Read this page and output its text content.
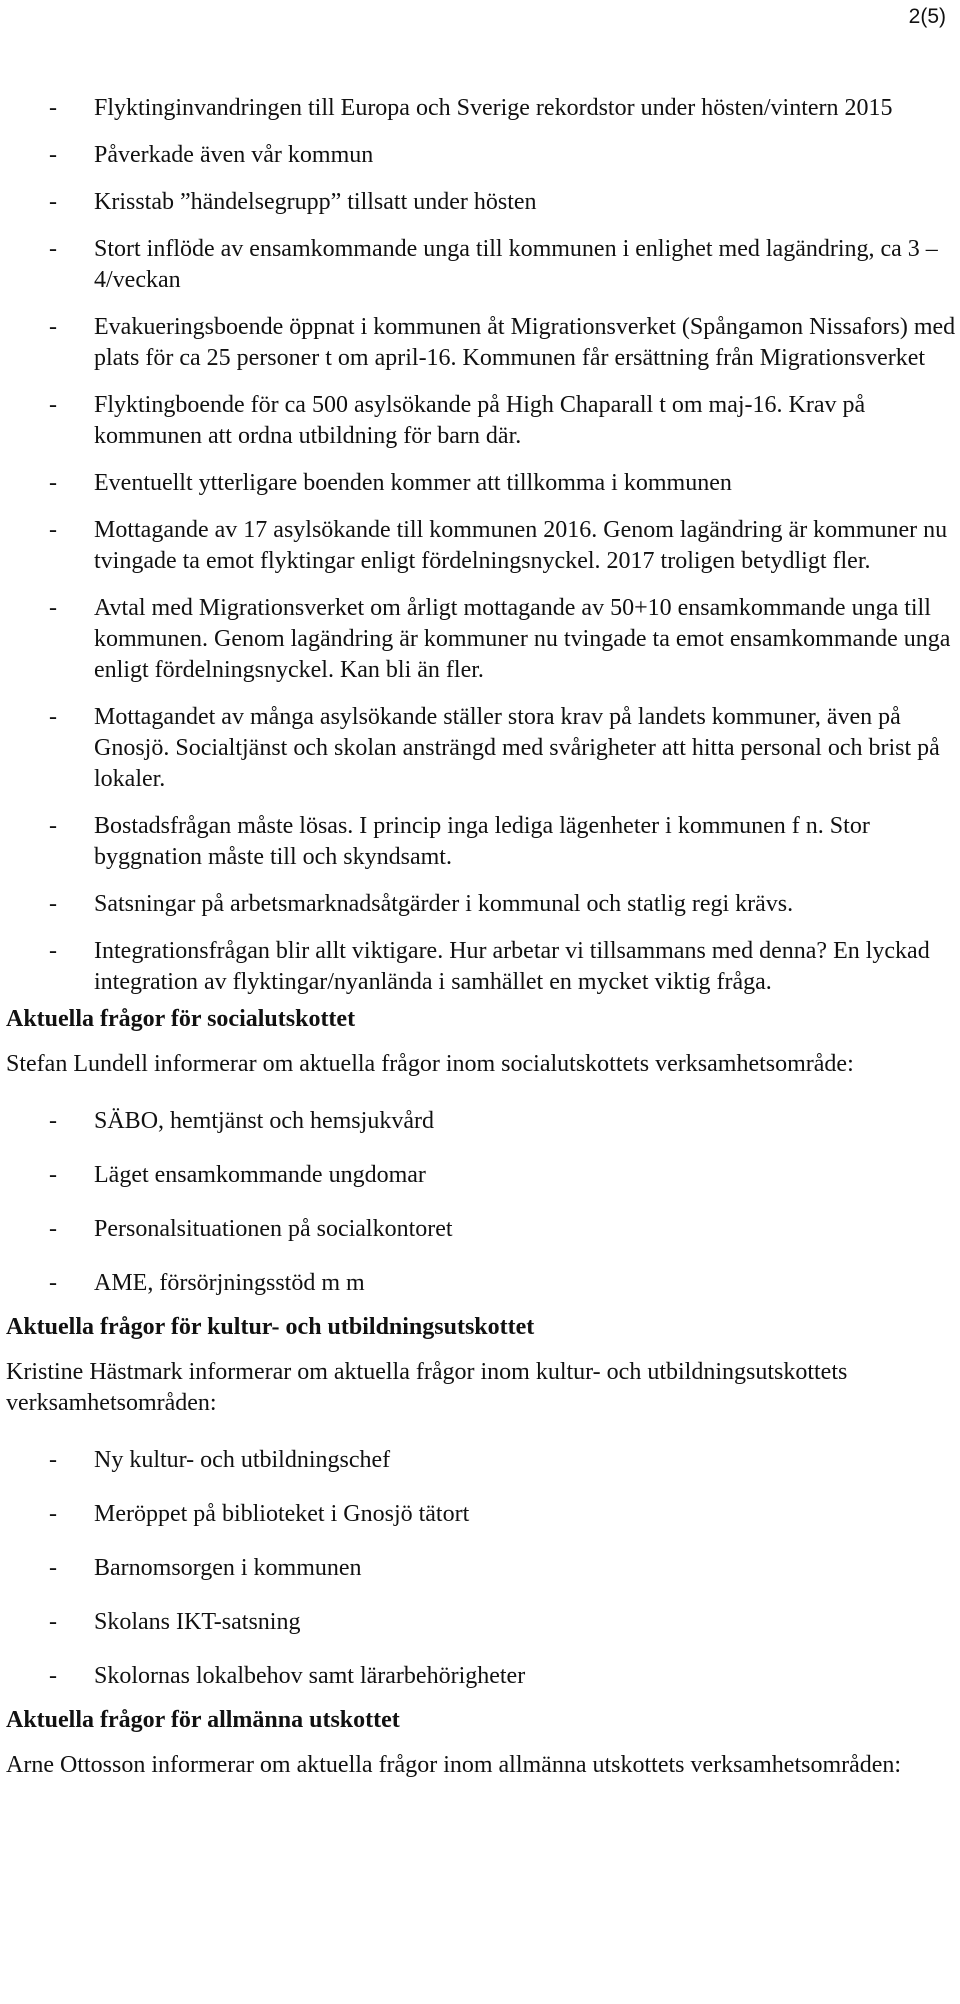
2(5)
- Flyktinginvandringen till Europa och Sverige rekordstor under hösten/vintern 2015
- Påverkade även vår kommun
- Krisstab ”händelsegrupp” tillsatt under hösten
- Stort inflöde av ensamkommande unga till kommunen i enlighet med lagändring, ca 3 – 4/veckan
- Evakueringsboende öppnat i kommunen åt Migrationsverket (Spångamon Nissafors) med plats för ca 25 personer t om april-16. Kommunen får ersättning från Migrationsverket
- Flyktingboende för ca 500 asylsökande på High Chaparall t om maj-16. Krav på kommunen att ordna utbildning för barn där.
- Eventuellt ytterligare boenden kommer att tillkomma i kommunen
- Mottagande av 17 asylsökande till kommunen 2016. Genom lagändring är kommuner nu tvingade ta emot flyktingar enligt fördelningsnyckel. 2017 troligen betydligt fler.
- Avtal med Migrationsverket om årligt mottagande av 50+10 ensamkommande unga till kommunen. Genom lagändring är kommuner nu tvingade ta emot ensamkommande unga enligt fördelningsnyckel. Kan bli än fler.
- Mottagandet av många asylsökande ställer stora krav på landets kommuner, även på Gnosjö. Socialtjänst och skolan ansträngd med svårigheter att hitta personal och brist på lokaler.
- Bostadsfrågan måste lösas. I princip inga lediga lägenheter i kommunen f n. Stor byggnation måste till och skyndsamt.
- Satsningar på arbetsmarknadsåtgärder i kommunal och statlig regi krävs.
- Integrationsfrågan blir allt viktigare. Hur arbetar vi tillsammans med denna? En lyckad integration av flyktingar/nyanlända i samhället en mycket viktig fråga.
Aktuella frågor för socialutskottet
Stefan Lundell informerar om aktuella frågor inom socialutskottets verksamhetsområde:
- SÄBO, hemtjänst och hemsjukvård
- Läget ensamkommande ungdomar
- Personalsituationen på socialkontoret
- AME, försörjningsstöd m m
Aktuella frågor för kultur- och utbildningsutskottet
Kristine Hästmark informerar om aktuella frågor inom kultur- och utbildningsutskottets verksamhetsområden:
- Ny kultur- och utbildningschef
- Meröppet på biblioteket i Gnosjö tätort
- Barnomsorgen i kommunen
- Skolans IKT-satsning
- Skolornas lokalbehov samt lärarbehörigheter
Aktuella frågor för allmänna utskottet
Arne Ottosson informerar om aktuella frågor inom allmänna utskottets verksamhetsområden:
